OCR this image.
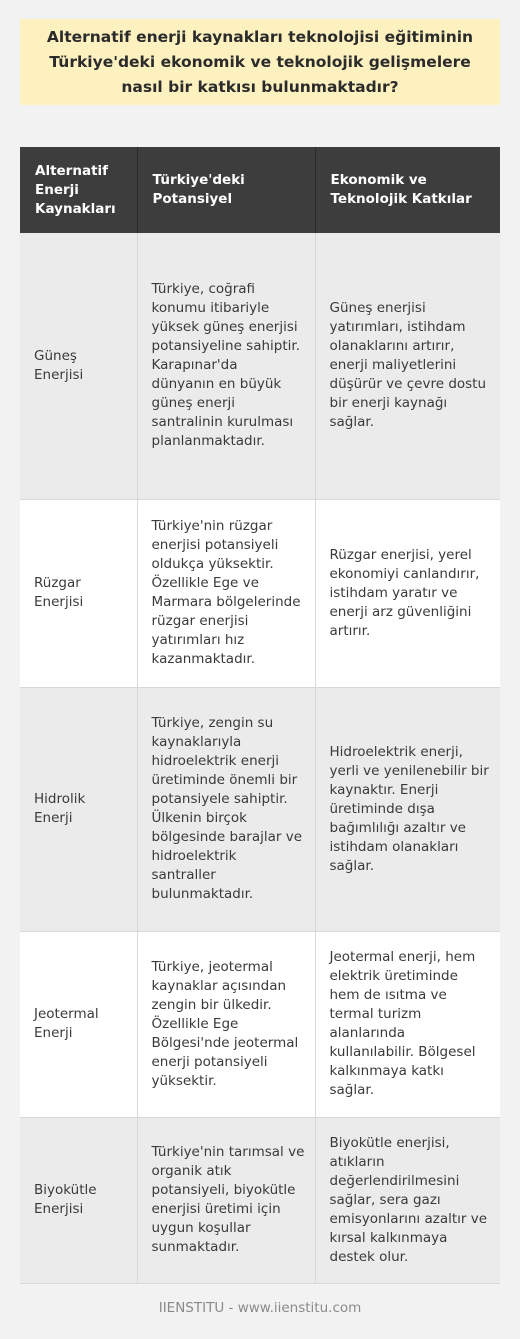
Alternatif enerji kaynakları teknolojisi eğitiminin Türkiye'deki ekonomik ve teknolojik gelişmelere nasıl bir katkısı bulunmaktadır?
Alternatif Enerji Kaynakları	Türkiye'deki Potansiyel	Ekonomik ve Teknolojik Katkılar
Güneş Enerjisi	Türkiye, coğrafi konumu itibariyle yüksek güneş enerjisi potansiyeline sahiptir. Karapınar'da dünyanın en büyük güneş enerji santralinin kurulması planlanmaktadır.	Güneş enerjisi yatırımları, istihdam olanaklarını artırır, enerji maliyetlerini düşürür ve çevre dostu bir enerji kaynağı sağlar.
Rüzgar Enerjisi	Türkiye'nin rüzgar enerjisi potansiyeli oldukça yüksektir. Özellikle Ege ve Marmara bölgelerinde rüzgar enerjisi yatırımları hız kazanmaktadır.	Rüzgar enerjisi, yerel ekonomiyi canlandırır, istihdam yaratır ve enerji arz güvenliğini artırır.
Hidrolik Enerji	Türkiye, zengin su kaynaklarıyla hidroelektrik enerji üretiminde önemli bir potansiyele sahiptir. Ülkenin birçok bölgesinde barajlar ve hidroelektrik santraller bulunmaktadır.	Hidroelektrik enerji, yerli ve yenilenebilir bir kaynaktır. Enerji üretiminde dışa bağımlılığı azaltır ve istihdam olanakları sağlar.
Jeotermal Enerji	Türkiye, jeotermal kaynaklar açısından zengin bir ülkedir. Özellikle Ege Bölgesi'nde jeotermal enerji potansiyeli yüksektir.	Jeotermal enerji, hem elektrik üretiminde hem de ısıtma ve termal turizm alanlarında kullanılabilir. Bölgesel kalkınmaya katkı sağlar.
Biyokütle Enerjisi	Türkiye'nin tarımsal ve organik atık potansiyeli, biyokütle enerjisi üretimi için uygun koşullar sunmaktadır.	Biyokütle enerjisi, atıkların değerlendirilmesini sağlar, sera gazı emisyonlarını azaltır ve kırsal kalkınmaya destek olur.
IIENSTITU - www.iienstitu.com
